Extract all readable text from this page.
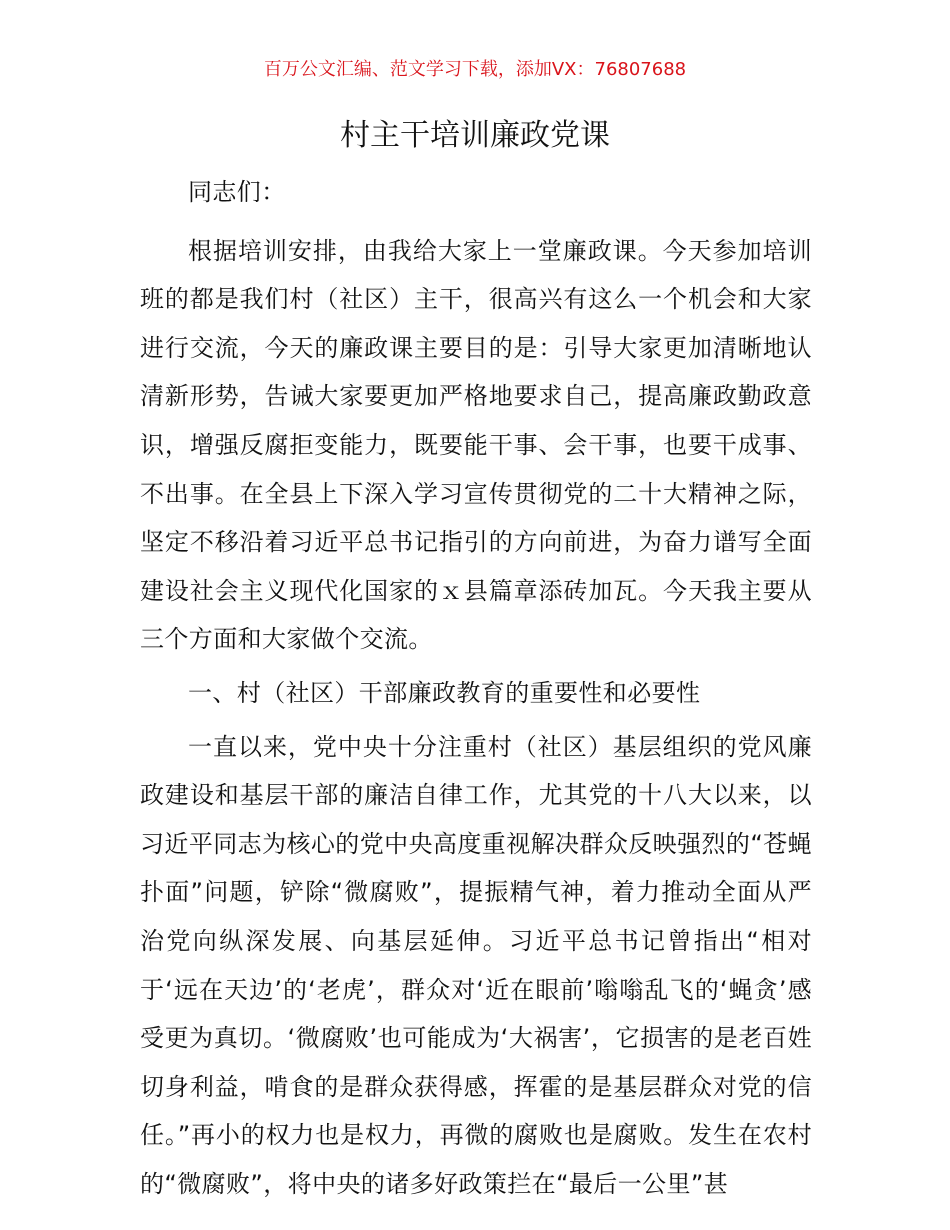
百万公文汇编、范文学习下载，添加VX：76807688
村主干培训廉政党课

同志们：

根据培训安排，由我给大家上一堂廉政课。今天参加培训班的都是我们村（社区）主干，很高兴有这么一个机会和大家进行交流，今天的廉政课主要目的是：引导大家更加清晰地认清新形势，告诫大家要更加严格地要求自己，提高廉政勤政意识，增强反腐拒变能力，既要能干事、会干事，也要干成事、不出事。在全县上下深入学习宣传贯彻党的二十大精神之际，坚定不移沿着习近平总书记指引的方向前进，为奋力谱写全面建设社会主义现代化国家的ｘ县篇章添砖加瓦。今天我主要从三个方面和大家做个交流。

一、村（社区）干部廉政教育的重要性和必要性

一直以来，党中央十分注重村（社区）基层组织的党风廉政建设和基层干部的廉洁自律工作，尤其党的十八大以来，以习近平同志为核心的党中央高度重视解决群众反映强烈的“苍蝇扑面”问题，铲除“微腐败”，提振精气神，着力推动全面从严治党向纵深发展、向基层延伸。习近平总书记曾指出“相对于‘远在天边’的‘老虎’，群众对‘近在眼前’嗡嗡乱飞的‘蝇贪’感受更为真切。‘微腐败’也可能成为‘大祸害’，它损害的是老百姓切身利益，啃食的是群众获得感，挥霍的是基层群众对党的信任。”再小的权力也是权力，再微的腐败也是腐败。发生在农村的“微腐败”，将中央的诸多好政策拦在“最后一公里”甚
